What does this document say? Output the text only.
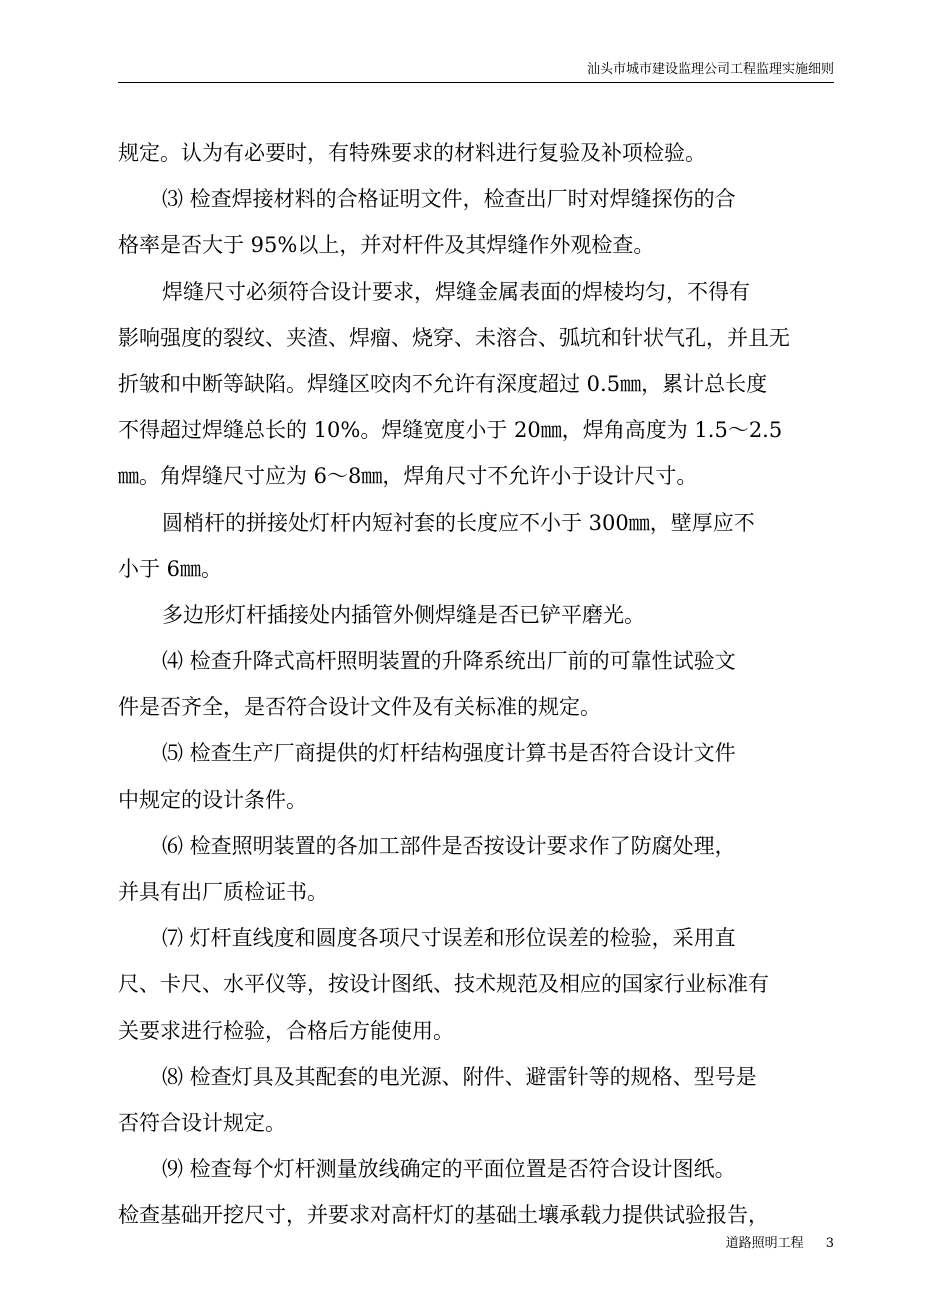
汕头市城市建设监理公司工程监理实施细则
规定。认为有必要时，有特殊要求的材料进行复验及补项检验。
⑶ 检查焊接材料的合格证明文件，检查出厂时对焊缝探伤的合
格率是否大于 95%以上，并对杆件及其焊缝作外观检查。
焊缝尺寸必须符合设计要求，焊缝金属表面的焊棱均匀，不得有
影响强度的裂纹、夹渣、焊瘤、烧穿、未溶合、弧坑和针状气孔，并且无
折皱和中断等缺陷。焊缝区咬肉不允许有深度超过 0.5㎜，累计总长度
不得超过焊缝总长的 10%。焊缝宽度小于 20㎜，焊角高度为 1.5～2.5
㎜。角焊缝尺寸应为 6～8㎜，焊角尺寸不允许小于设计尺寸。
圆梢杆的拼接处灯杆内短衬套的长度应不小于 300㎜，壁厚应不
小于 6㎜。
多边形灯杆插接处内插管外侧焊缝是否已铲平磨光。
⑷ 检查升降式高杆照明装置的升降系统出厂前的可靠性试验文
件是否齐全，是否符合设计文件及有关标准的规定。
⑸ 检查生产厂商提供的灯杆结构强度计算书是否符合设计文件
中规定的设计条件。
⑹ 检查照明装置的各加工部件是否按设计要求作了防腐处理，
并具有出厂质检证书。
⑺ 灯杆直线度和圆度各项尺寸误差和形位误差的检验，采用直
尺、卡尺、水平仪等，按设计图纸、技术规范及相应的国家行业标准有
关要求进行检验，合格后方能使用。
⑻ 检查灯具及其配套的电光源、附件、避雷针等的规格、型号是
否符合设计规定。
⑼ 检查每个灯杆测量放线确定的平面位置是否符合设计图纸。
检查基础开挖尺寸，并要求对高杆灯的基础土壤承载力提供试验报告，
道路照明工程 3
